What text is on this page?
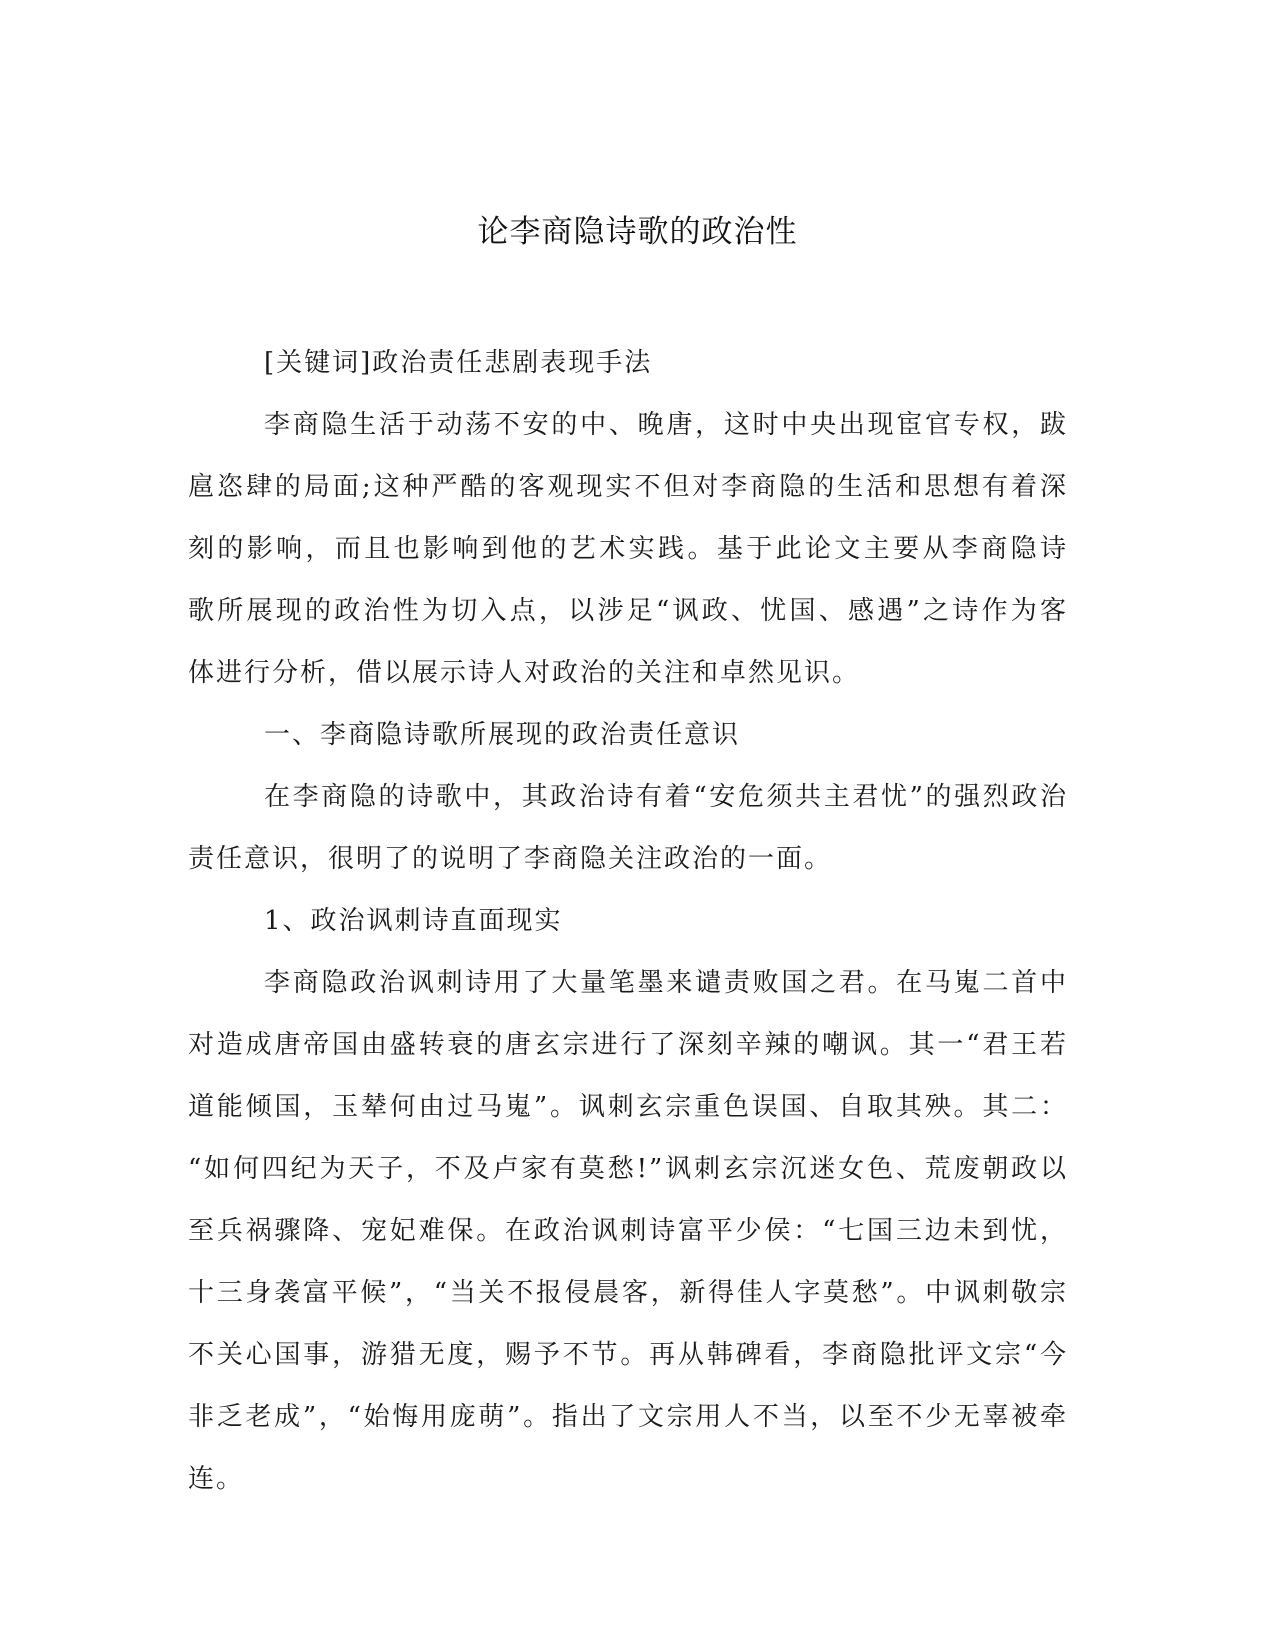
论李商隐诗歌的政治性

[关键词]政治责任悲剧表现手法

李商隐生活于动荡不安的中、晚唐，这时中央出现宦官专权，跋

扈恣肆的局面;这种严酷的客观现实不但对李商隐的生活和思想有着深

刻的影响，而且也影响到他的艺术实践。基于此论文主要从李商隐诗

歌所展现的政治性为切入点，以涉足“讽政、忧国、感遇”之诗作为客

体进行分析，借以展示诗人对政治的关注和卓然见识。

一、李商隐诗歌所展现的政治责任意识

在李商隐的诗歌中，其政治诗有着“安危须共主君忧”的强烈政治

责任意识，很明了的说明了李商隐关注政治的一面。

1、政治讽刺诗直面现实

李商隐政治讽刺诗用了大量笔墨来谴责败国之君。在马嵬二首中

对造成唐帝国由盛转衰的唐玄宗进行了深刻辛辣的嘲讽。其一“君王若

道能倾国，玉辇何由过马嵬”。讽刺玄宗重色误国、自取其殃。其二：

“如何四纪为天子，不及卢家有莫愁!”讽刺玄宗沉迷女色、荒废朝政以

至兵祸骤降、宠妃难保。在政治讽刺诗富平少侯：“七国三边未到忧，

十三身袭富平候”，“当关不报侵晨客，新得佳人字莫愁”。中讽刺敬宗

不关心国事，游猎无度，赐予不节。再从韩碑看，李商隐批评文宗“今

非乏老成”，“始悔用庞萌”。指出了文宗用人不当，以至不少无辜被牵

连。
